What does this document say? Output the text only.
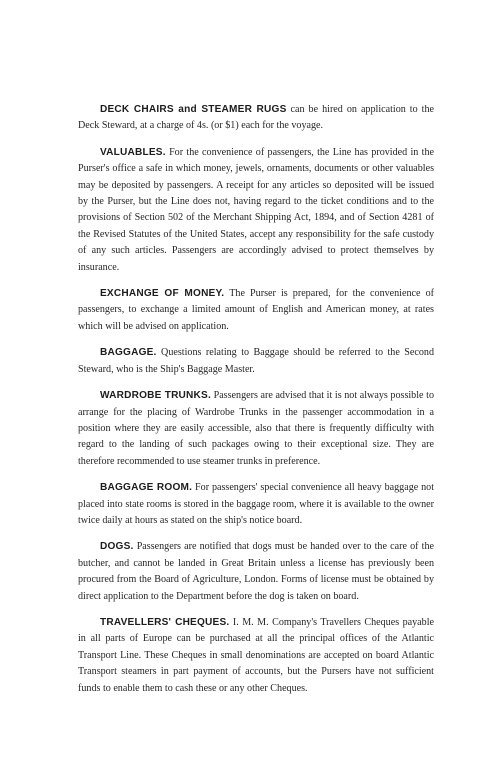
DECK CHAIRS and STEAMER RUGS can be hired on application to the Deck Steward, at a charge of 4s. (or $1) each for the voyage.

VALUABLES. For the convenience of passengers, the Line has provided in the Purser's office a safe in which money, jewels, ornaments, documents or other valuables may be deposited by passengers. A receipt for any articles so deposited will be issued by the Purser, but the Line does not, having regard to the ticket conditions and to the provisions of Section 502 of the Merchant Shipping Act, 1894, and of Section 4281 of the Revised Statutes of the United States, accept any responsibility for the safe custody of any such articles. Passengers are accordingly advised to protect themselves by insurance.

EXCHANGE OF MONEY. The Purser is prepared, for the convenience of passengers, to exchange a limited amount of English and American money, at rates which will be advised on application.

BAGGAGE. Questions relating to Baggage should be referred to the Second Steward, who is the Ship's Baggage Master.

WARDROBE TRUNKS. Passengers are advised that it is not always possible to arrange for the placing of Wardrobe Trunks in the passenger accommodation in a position where they are easily accessible, also that there is frequently difficulty with regard to the landing of such packages owing to their exceptional size. They are therefore recommended to use steamer trunks in preference.

BAGGAGE ROOM. For passengers' special convenience all heavy baggage not placed into state rooms is stored in the baggage room, where it is available to the owner twice daily at hours as stated on the ship's notice board.

DOGS. Passengers are notified that dogs must be handed over to the care of the butcher, and cannot be landed in Great Britain unless a license has previously been procured from the Board of Agriculture, London. Forms of license must be obtained by direct application to the Department before the dog is taken on board.

TRAVELLERS' CHEQUES. I. M. M. Company's Travellers Cheques payable in all parts of Europe can be purchased at all the principal offices of the Atlantic Transport Line. These Cheques in small denominations are accepted on board Atlantic Transport steamers in part payment of accounts, but the Pursers have not sufficient funds to enable them to cash these or any other Cheques.
